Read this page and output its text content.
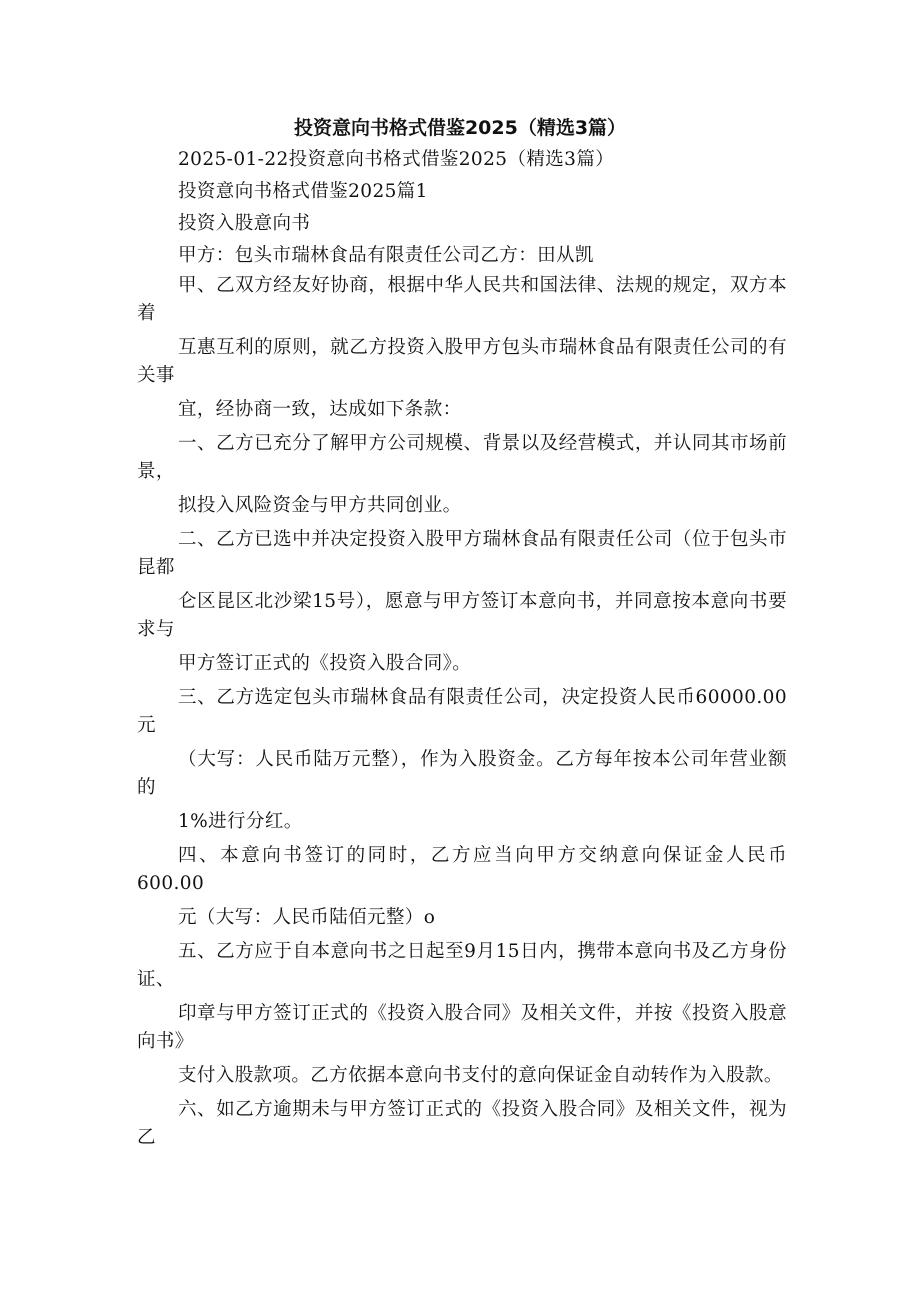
投资意向书格式借鉴2025（精选3篇）
2025-01-22投资意向书格式借鉴2025（精选3篇）
投资意向书格式借鉴2025篇1
投资入股意向书
甲方：包头市瑞林食品有限责任公司乙方：田从凯

甲、乙双方经友好协商，根据中华人民共和国法律、法规的规定，双方本着

互惠互利的原则，就乙方投资入股甲方包头市瑞林食品有限责任公司的有关事

宜，经协商一致，达成如下条款：

一、乙方已充分了解甲方公司规模、背景以及经营模式，并认同其市场前景，

拟投入风险资金与甲方共同创业。

二、乙方已选中并决定投资入股甲方瑞林食品有限责任公司（位于包头市昆都

仑区昆区北沙梁15号），愿意与甲方签订本意向书，并同意按本意向书要求与

甲方签订正式的《投资入股合同》。

三、乙方选定包头市瑞林食品有限责任公司，决定投资人民币60000.00元

（大写：人民币陆万元整），作为入股资金。乙方每年按本公司年营业额的

1%进行分红。

四、本意向书签订的同时，乙方应当向甲方交纳意向保证金人民币600.00

元（大写：人民币陆佰元整）o

五、乙方应于自本意向书之日起至9月15日内，携带本意向书及乙方身份证、

印章与甲方签订正式的《投资入股合同》及相关文件，并按《投资入股意向书》

支付入股款项。乙方依据本意向书支付的意向保证金自动转作为入股款。

六、如乙方逾期未与甲方签订正式的《投资入股合同》及相关文件，视为乙
